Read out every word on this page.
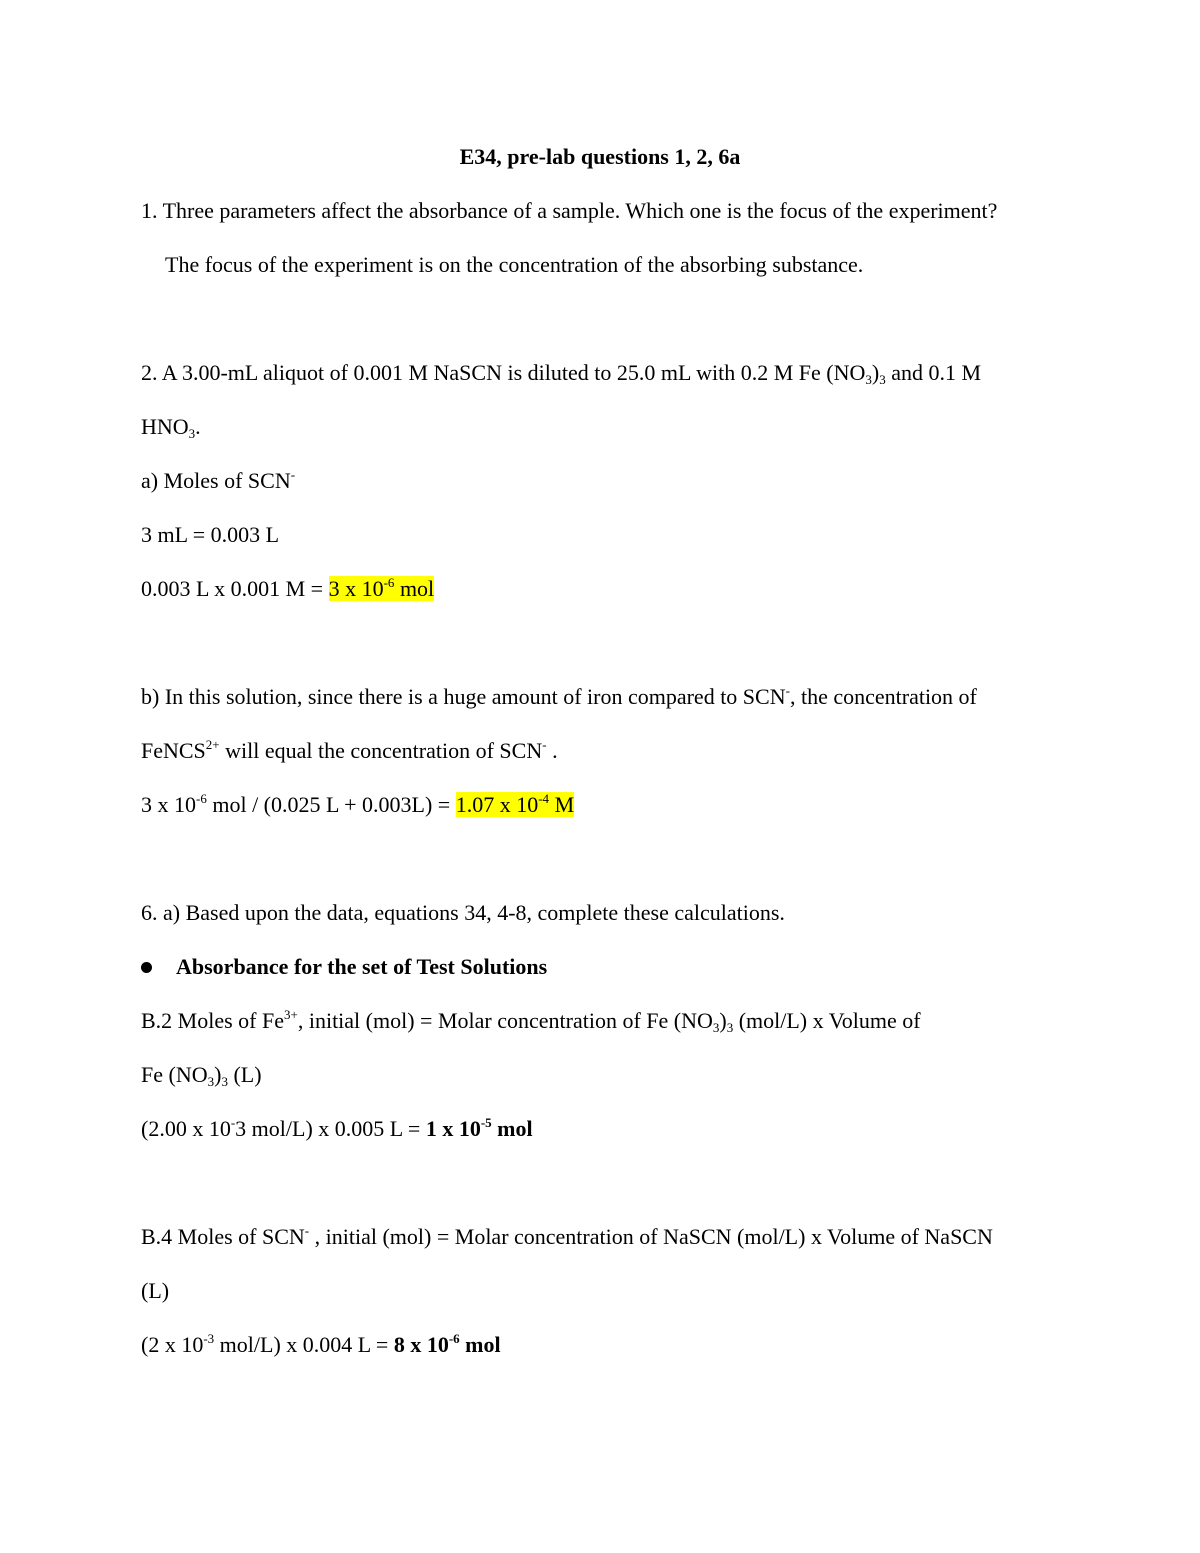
E34, pre-lab questions 1, 2, 6a
1. Three parameters affect the absorbance of a sample. Which one is the focus of the experiment?
The focus of the experiment is on the concentration of the absorbing substance.
2. A 3.00-mL aliquot of 0.001 M NaSCN is diluted to 25.0 mL with 0.2 M Fe $(NO_3)_3$ and 0.1 M
$HNO_3$.
a) Moles of SCN-
3 mL = 0.003 L
0.003 L x 0.001 M = 3 x $10^{-6}$ mol
b) In this solution, since there is a huge amount of iron compared to SCN-, the concentration of
FeNCS$^{2+}$ will equal the concentration of SCN- .
3 x $10^{-6}$ mol / (0.025 L + 0.003L) = 1.07 x $10^{-4}$ M
6. a) Based upon the data, equations 34, 4-8, complete these calculations.
Absorbance for the set of Test Solutions
B.2 Moles of $Fe^{3+}$, initial (mol) = Molar concentration of Fe $(NO_3)_3$ (mol/L) x Volume of
Fe $(NO_3)_3$ (L)
(2.00 x 10-3 mol/L) x 0.005 L = 1 x $10^{-5}$ mol
B.4 Moles of SCN- , initial (mol) = Molar concentration of NaSCN (mol/L) x Volume of NaSCN
(L)
(2 x $10^{-3}$ mol/L) x 0.004 L = 8 x $10^{-6}$ mol
